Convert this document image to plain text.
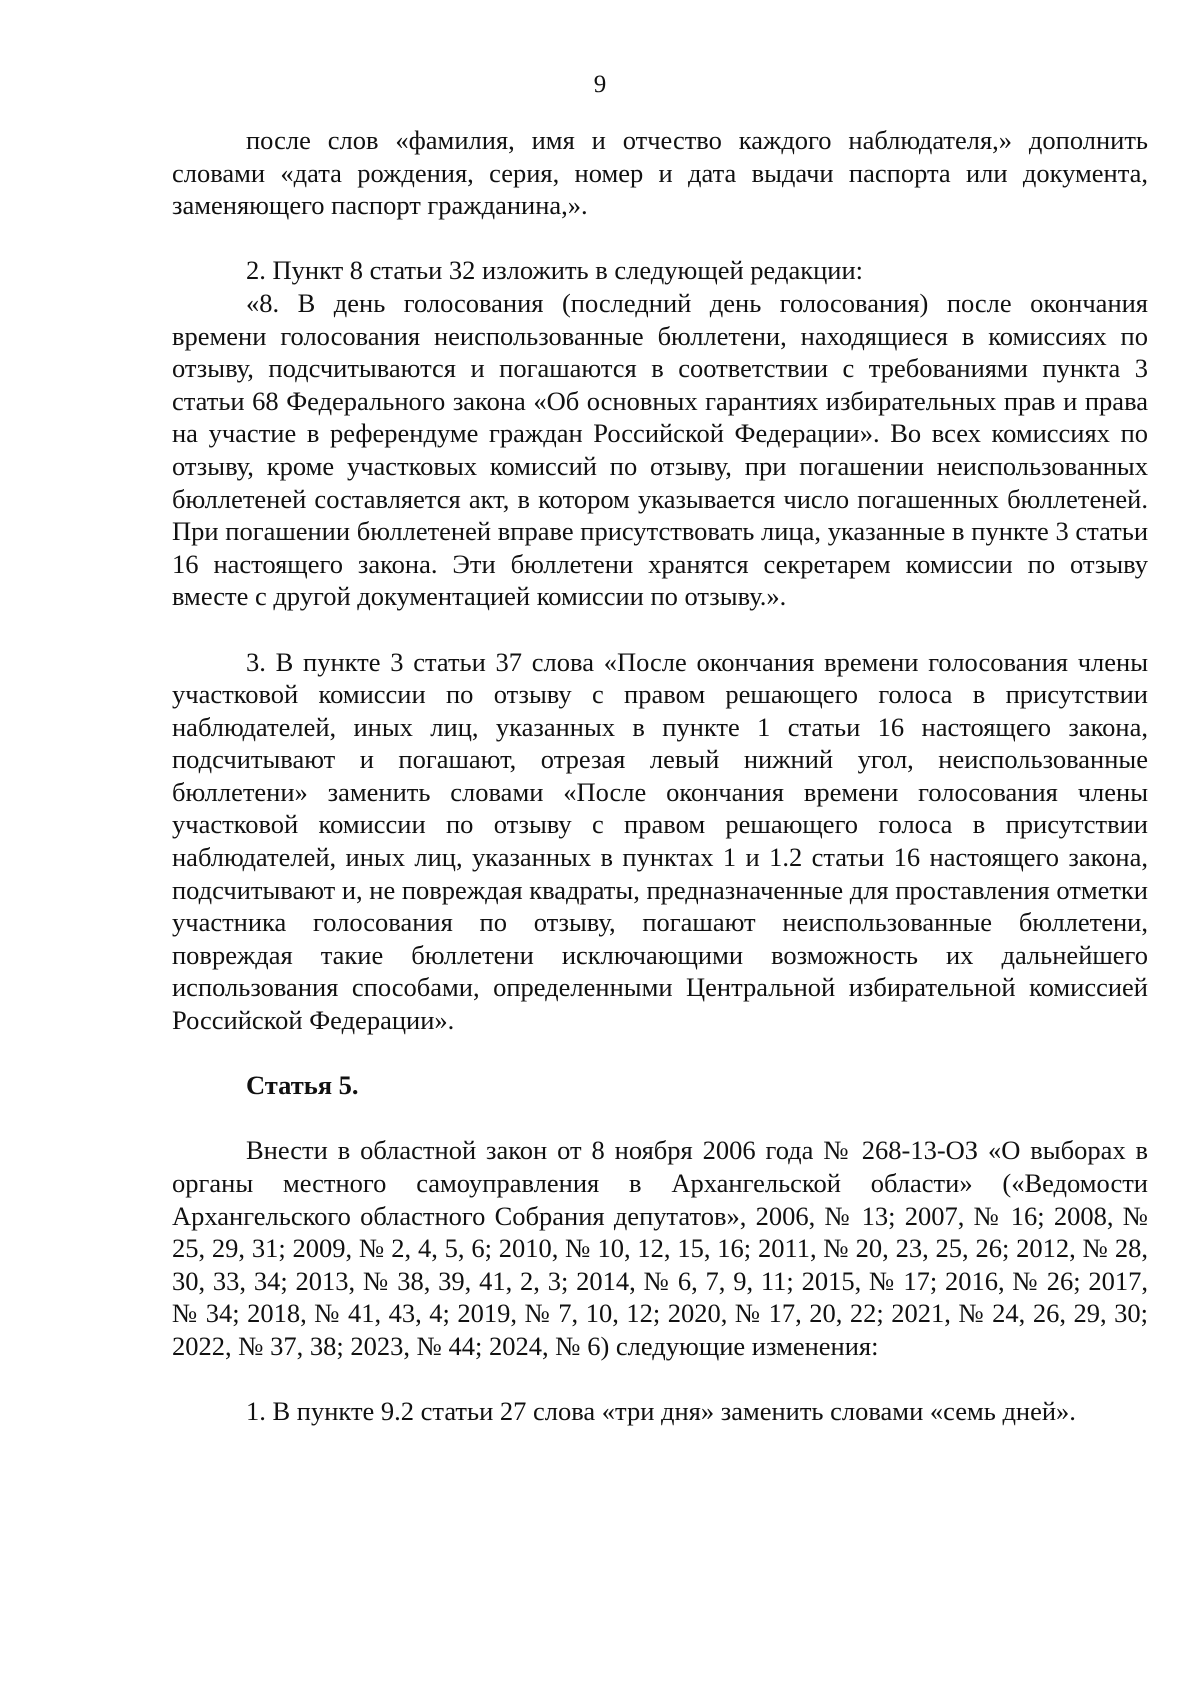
9

после слов «фамилия, имя и отчество каждого наблюдателя,» дополнить словами «дата рождения, серия, номер и дата выдачи паспорта или документа, заменяющего паспорт гражданина,».

2. Пункт 8 статьи 32 изложить в следующей редакции:

«8. В день голосования (последний день голосования) после окончания времени голосования неиспользованные бюллетени, находящиеся в комиссиях по отзыву, подсчитываются и погашаются в соответствии с требованиями пункта 3 статьи 68 Федерального закона «Об основных гарантиях избирательных прав и права на участие в референдуме граждан Российской Федерации». Во всех комиссиях по отзыву, кроме участковых комиссий по отзыву, при погашении неиспользованных бюллетеней составляется акт, в котором указывается число погашенных бюллетеней. При погашении бюллетеней вправе присутствовать лица, указанные в пункте 3 статьи 16 настоящего закона. Эти бюллетени хранятся секретарем комиссии по отзыву вместе с другой документацией комиссии по отзыву.».

3. В пункте 3 статьи 37 слова «После окончания времени голосования члены участковой комиссии по отзыву с правом решающего голоса в присутствии наблюдателей, иных лиц, указанных в пункте 1 статьи 16 настоящего закона, подсчитывают и погашают, отрезая левый нижний угол, неиспользованные бюллетени» заменить словами «После окончания времени голосования члены участковой комиссии по отзыву с правом решающего голоса в присутствии наблюдателей, иных лиц, указанных в пунктах 1 и 1.2 статьи 16 настоящего закона, подсчитывают и, не повреждая квадраты, предназначенные для проставления отметки участника голосования по отзыву, погашают неиспользованные бюллетени, повреждая такие бюллетени исключающими возможность их дальнейшего использования способами, определенными Центральной избирательной комиссией Российской Федерации».

Статья 5.

Внести в областной закон от 8 ноября 2006 года № 268-13-ОЗ «О выборах в органы местного самоуправления в Архангельской области» («Ведомости Архангельского областного Собрания депутатов», 2006, № 13; 2007, № 16; 2008, № 25, 29, 31; 2009, № 2, 4, 5, 6; 2010, № 10, 12, 15, 16; 2011, № 20, 23, 25, 26; 2012, № 28, 30, 33, 34; 2013, № 38, 39, 41, 2, 3; 2014, № 6, 7, 9, 11; 2015, № 17; 2016, № 26; 2017, № 34; 2018, № 41, 43, 4; 2019, № 7, 10, 12; 2020, № 17, 20, 22; 2021, № 24, 26, 29, 30; 2022, № 37, 38; 2023, № 44; 2024, № 6) следующие изменения:

1. В пункте 9.2 статьи 27 слова «три дня» заменить словами «семь дней».
